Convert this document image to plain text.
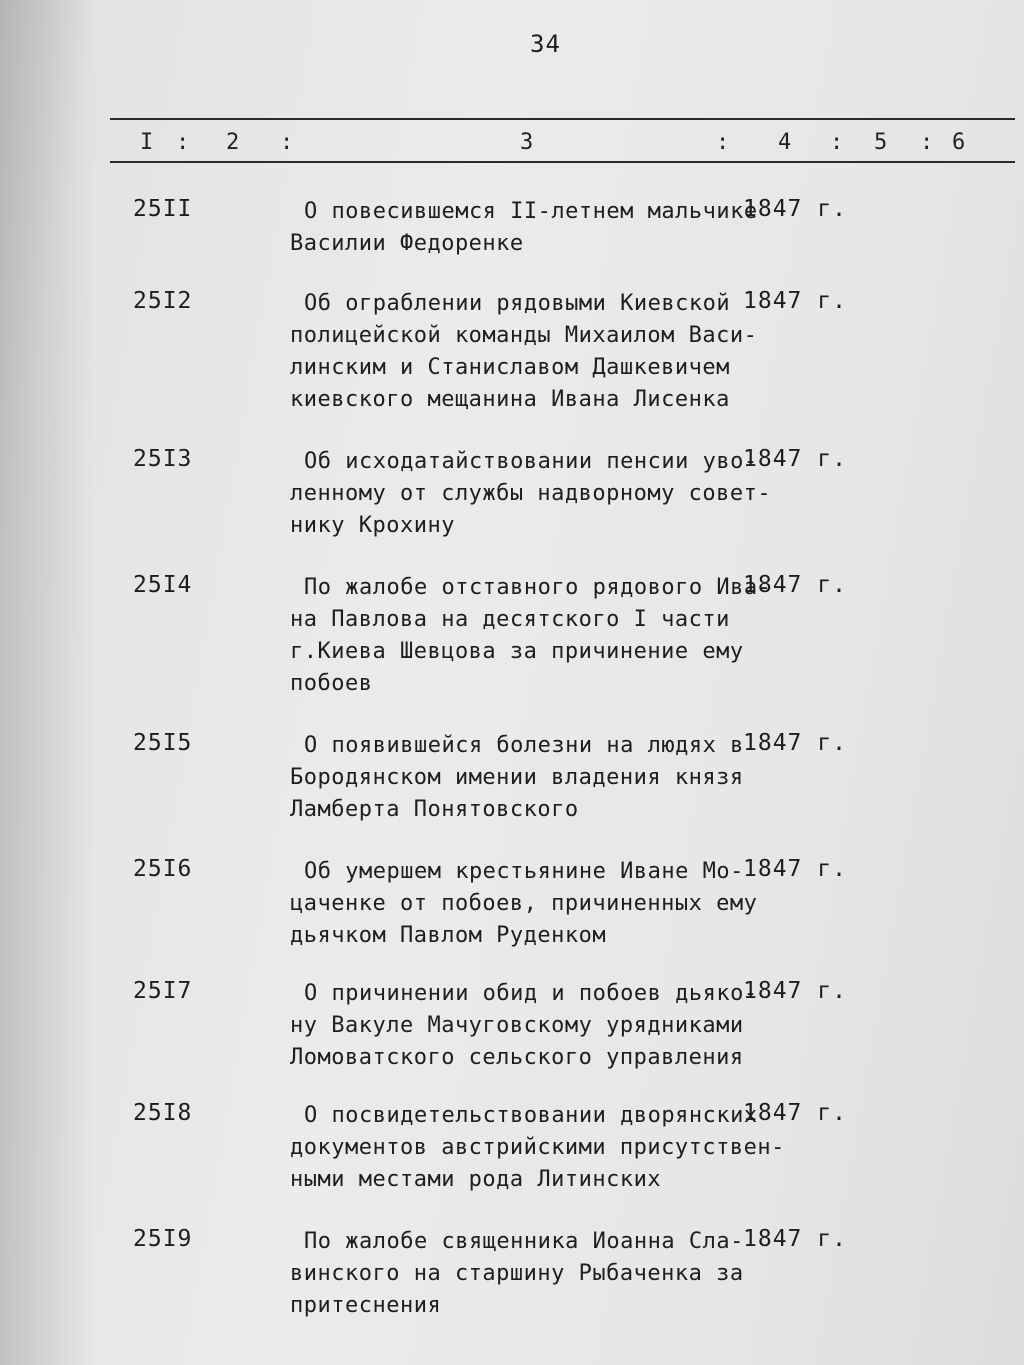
34
I : 2 :	3	: 4 : 5 : 6
25II	О повесившемся II-летнем мальчике
Василии Федоренке
1847 г.
25I2	Об ограблении рядовыми Киевской
полицейской команды Михаилом Васи-
линским и Станиславом Дашкевичем
киевского мещанина Ивана Лисенка
1847 г.
25I3	Об исходатайствовании пенсии уво-
ленному от службы надворному совет-
нику Крохину
1847 г.
25I4	По жалобе отставного рядового Ива-
на Павлова на десятского I части
г.Киева Шевцова за причинение ему
побоев
1847 г.
25I5	О появившейся болезни на людях в
Бородянском имении владения князя
Ламберта Понятовского
1847 г.
25I6	Об умершем крестьянине Иване Мо-
цаченке от побоев, причиненных ему
дьячком Павлом Руденком
1847 г.
25I7	О причинении обид и побоев дьяко-
ну Вакуле Мачуговскому урядниками
Ломоватского сельского управления
1847 г.
25I8	О посвидетельствовании дворянских
документов австрийскими присутствен-
ными местами рода Литинских
1847 г.
25I9	По жалобе священника Иоанна Сла-
винского на старшину Рыбаченка за
притеснения
1847 г.
